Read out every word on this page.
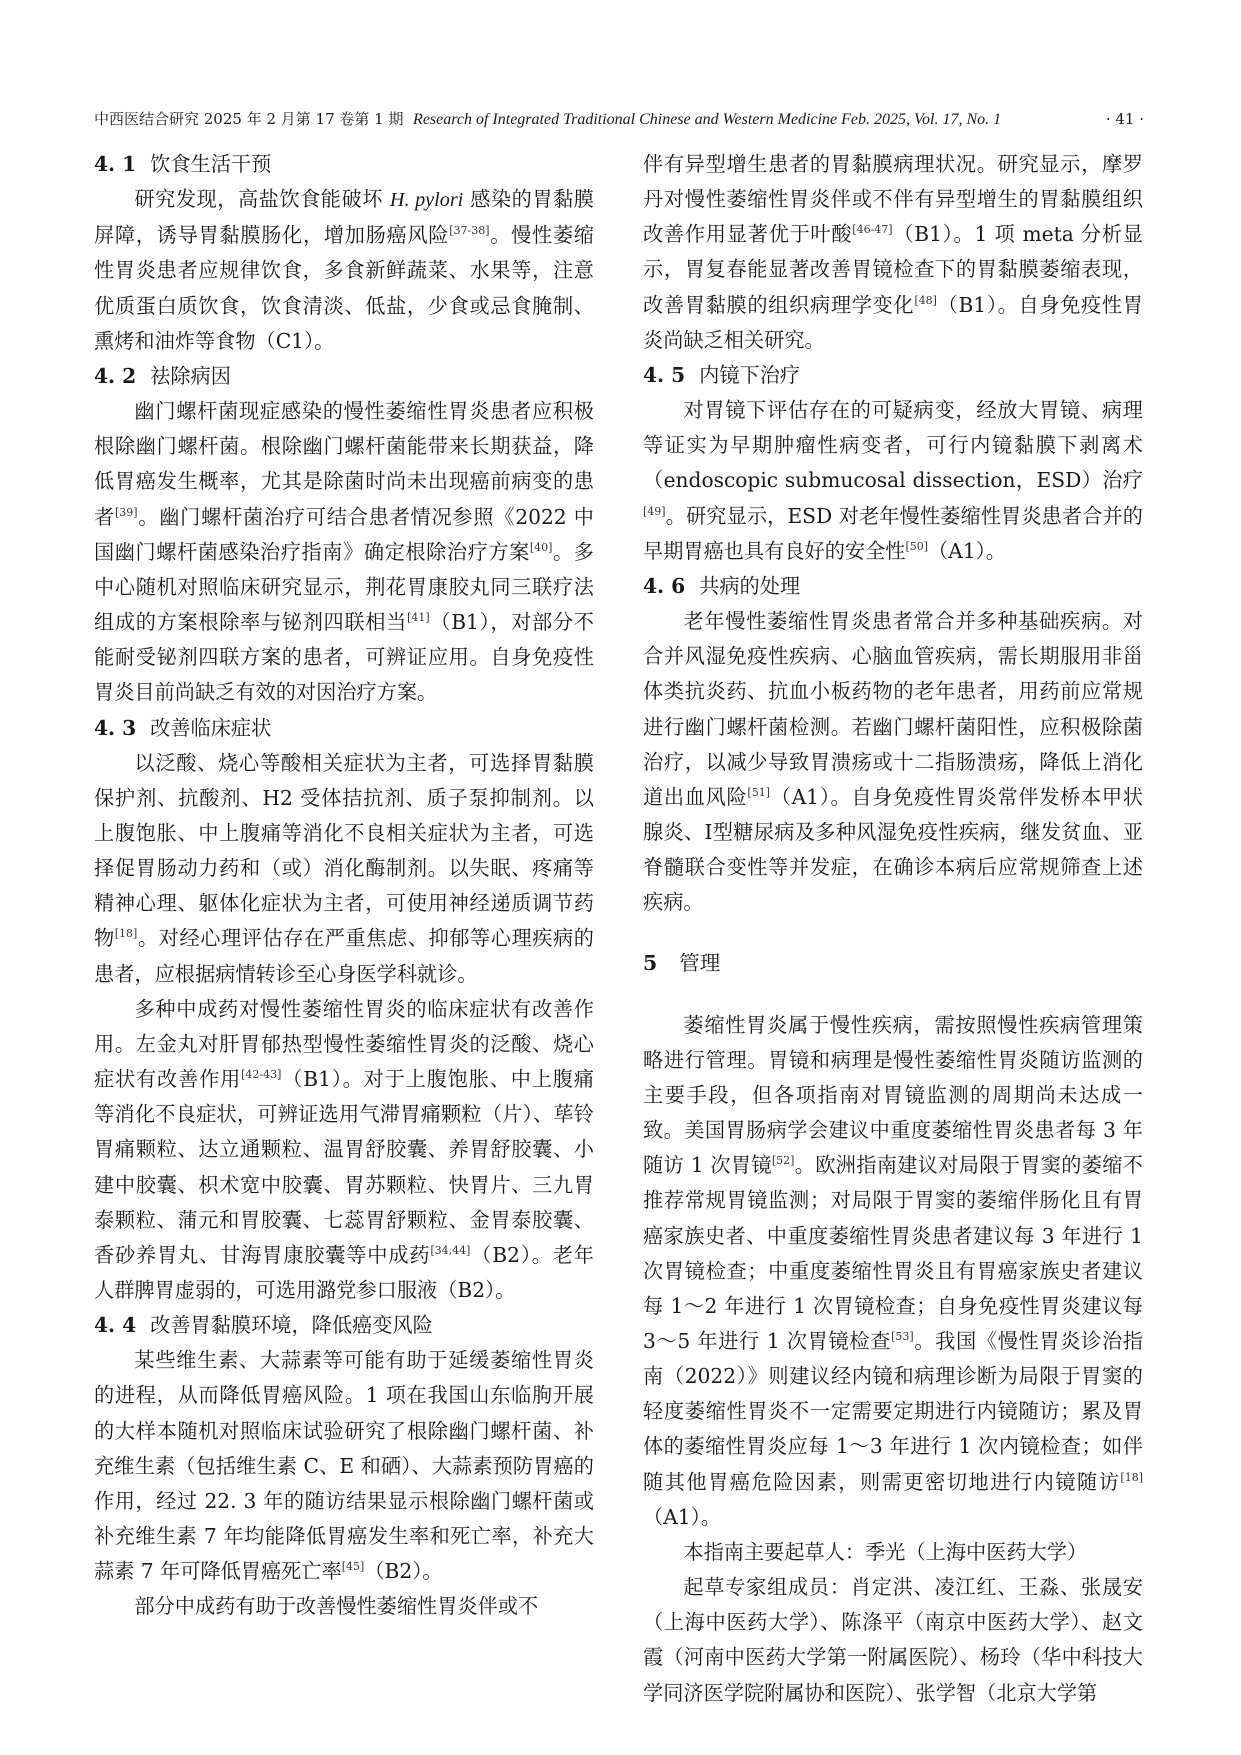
中西医结合研究 2025 年 2 月第 17 卷第 1 期 Research of Integrated Traditional Chinese and Western Medicine Feb. 2025, Vol. 17, No. 1	· 41 ·

4. 1 饮食生活干预

研究发现，高盐饮食能破坏 H. pylori 感染的胃黏膜屏障，诱导胃黏膜肠化，增加肠癌风险[37-38]。慢性萎缩性胃炎患者应规律饮食，多食新鲜蔬菜、水果等，注意优质蛋白质饮食，饮食清淡、低盐，少食或忌食腌制、熏烤和油炸等食物（C1）。

4. 2 祛除病因

幽门螺杆菌现症感染的慢性萎缩性胃炎患者应积极根除幽门螺杆菌。根除幽门螺杆菌能带来长期获益，降低胃癌发生概率，尤其是除菌时尚未出现癌前病变的患者[39]。幽门螺杆菌治疗可结合患者情况参照《2022 中国幽门螺杆菌感染治疗指南》确定根除治疗方案[40]。多中心随机对照临床研究显示，荆花胃康胶丸同三联疗法组成的方案根除率与铋剂四联相当[41]（B1），对部分不能耐受铋剂四联方案的患者，可辨证应用。自身免疫性胃炎目前尚缺乏有效的对因治疗方案。

4. 3 改善临床症状

以泛酸、烧心等酸相关症状为主者，可选择胃黏膜保护剂、抗酸剂、H2 受体拮抗剂、质子泵抑制剂。以上腹饱胀、中上腹痛等消化不良相关症状为主者，可选择促胃肠动力药和（或）消化酶制剂。以失眠、疼痛等精神心理、躯体化症状为主者，可使用神经递质调节药物[18]。对经心理评估存在严重焦虑、抑郁等心理疾病的患者，应根据病情转诊至心身医学科就诊。

多种中成药对慢性萎缩性胃炎的临床症状有改善作用。左金丸对肝胃郁热型慢性萎缩性胃炎的泛酸、烧心症状有改善作用[42-43]（B1）。对于上腹饱胀、中上腹痛等消化不良症状，可辨证选用气滞胃痛颗粒（片）、荜铃胃痛颗粒、达立通颗粒、温胃舒胶囊、养胃舒胶囊、小建中胶囊、枳术宽中胶囊、胃苏颗粒、快胃片、三九胃泰颗粒、蒲元和胃胶囊、七蕊胃舒颗粒、金胃泰胶囊、香砂养胃丸、甘海胃康胶囊等中成药[34,44]（B2）。老年人群脾胃虚弱的，可选用潞党参口服液（B2）。

4. 4 改善胃黏膜环境，降低癌变风险

某些维生素、大蒜素等可能有助于延缓萎缩性胃炎的进程，从而降低胃癌风险。1 项在我国山东临朐开展的大样本随机对照临床试验研究了根除幽门螺杆菌、补充维生素（包括维生素 C、E 和硒）、大蒜素预防胃癌的作用，经过 22. 3 年的随访结果显示根除幽门螺杆菌或补充维生素 7 年均能降低胃癌发生率和死亡率，补充大蒜素 7 年可降低胃癌死亡率[45]（B2）。

部分中成药有助于改善慢性萎缩性胃炎伴或不

伴有异型增生患者的胃黏膜病理状况。研究显示，摩罗丹对慢性萎缩性胃炎伴或不伴有异型增生的胃黏膜组织改善作用显著优于叶酸[46-47]（B1）。1 项 meta 分析显示，胃复春能显著改善胃镜检查下的胃黏膜萎缩表现，改善胃黏膜的组织病理学变化[48]（B1）。自身免疫性胃炎尚缺乏相关研究。

4. 5 内镜下治疗

对胃镜下评估存在的可疑病变，经放大胃镜、病理等证实为早期肿瘤性病变者，可行内镜黏膜下剥离术（endoscopic submucosal dissection，ESD）治疗[49]。研究显示，ESD 对老年慢性萎缩性胃炎患者合并的早期胃癌也具有良好的安全性[50]（A1）。

4. 6 共病的处理

老年慢性萎缩性胃炎患者常合并多种基础疾病。对合并风湿免疫性疾病、心脑血管疾病，需长期服用非甾体类抗炎药、抗血小板药物的老年患者，用药前应常规进行幽门螺杆菌检测。若幽门螺杆菌阳性，应积极除菌治疗，以减少导致胃溃疡或十二指肠溃疡，降低上消化道出血风险[51]（A1）。自身免疫性胃炎常伴发桥本甲状腺炎、Ⅰ型糖尿病及多种风湿免疫性疾病，继发贫血、亚脊髓联合变性等并发症，在确诊本病后应常规筛查上述疾病。

5 管理

萎缩性胃炎属于慢性疾病，需按照慢性疾病管理策略进行管理。胃镜和病理是慢性萎缩性胃炎随访监测的主要手段，但各项指南对胃镜监测的周期尚未达成一致。美国胃肠病学会建议中重度萎缩性胃炎患者每 3 年随访 1 次胃镜[52]。欧洲指南建议对局限于胃窦的萎缩不推荐常规胃镜监测；对局限于胃窦的萎缩伴肠化且有胃癌家族史者、中重度萎缩性胃炎患者建议每 3 年进行 1 次胃镜检查；中重度萎缩性胃炎且有胃癌家族史者建议每 1～2 年进行 1 次胃镜检查；自身免疫性胃炎建议每 3～5 年进行 1 次胃镜检查[53]。我国《慢性胃炎诊治指南（2022）》则建议经内镜和病理诊断为局限于胃窦的轻度萎缩性胃炎不一定需要定期进行内镜随访；累及胃体的萎缩性胃炎应每 1～3 年进行 1 次内镜检查；如伴随其他胃癌危险因素，则需更密切地进行内镜随访[18]（A1）。

本指南主要起草人：季光（上海中医药大学）

起草专家组成员：肖定洪、凌江红、王淼、张晟安（上海中医药大学）、陈涤平（南京中医药大学）、赵文霞（河南中医药大学第一附属医院）、杨玲（华中科技大学同济医学院附属协和医院）、张学智（北京大学第
